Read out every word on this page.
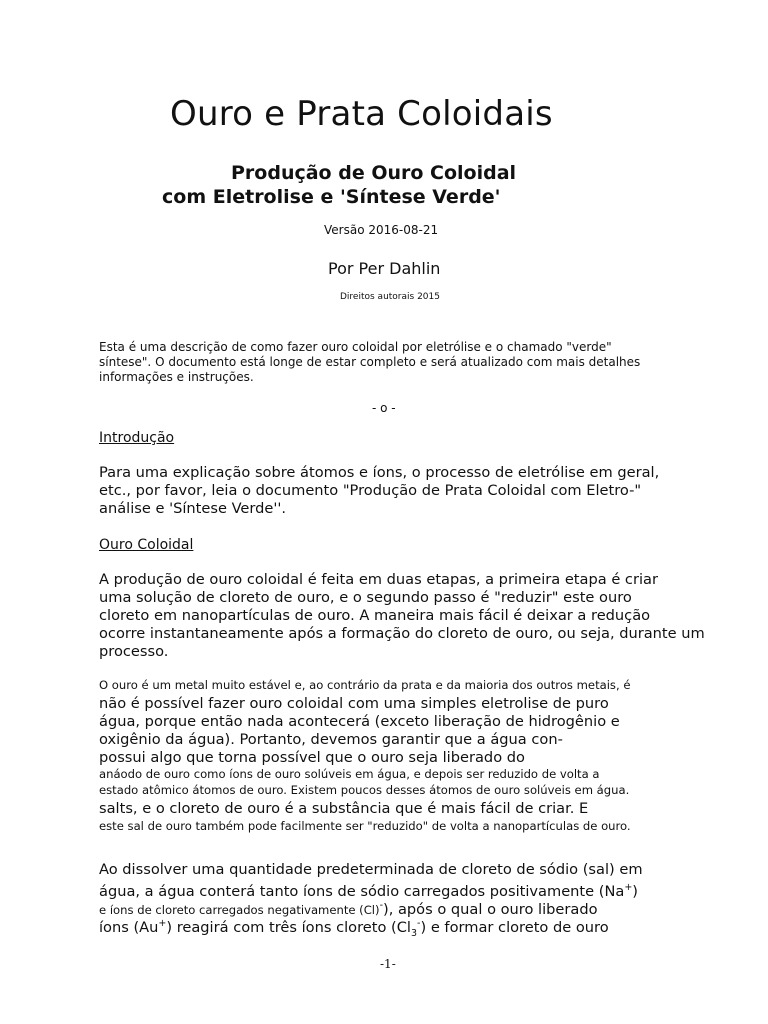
Ouro e Prata Coloidais
Produção de Ouro Coloidal
com Eletrolise e 'Síntese Verde'
Versão 2016-08-21
Por Per Dahlin
Direitos autorais 2015
Esta é uma descrição de como fazer ouro coloidal por eletrólise e o chamado "verde"
síntese". O documento está longe de estar completo e será atualizado com mais detalhes
informações e instruções.
- o -
Introdução
Para uma explicação sobre átomos e íons, o processo de eletrólise em geral,
etc., por favor, leia o documento "Produção de Prata Coloidal com Eletro-"
análise e 'Síntese Verde''.
Ouro Coloidal
A produção de ouro coloidal é feita em duas etapas, a primeira etapa é criar
uma solução de cloreto de ouro, e o segundo passo é "reduzir" este ouro
cloreto em nanopartículas de ouro. A maneira mais fácil é deixar a redução
ocorre instantaneamente após a formação do cloreto de ouro, ou seja, durante um
processo.
O ouro é um metal muito estável e, ao contrário da prata e da maioria dos outros metais, é
não é possível fazer ouro coloidal com uma simples eletrolise de puro
água, porque então nada acontecerá (exceto liberação de hidrogênio e
oxigênio da água). Portanto, devemos garantir que a água con-
possui algo que torna possível que o ouro seja liberado do
anáodo de ouro como íons de ouro solúveis em água, e depois ser reduzido de volta a
estado atômico átomos de ouro. Existem poucos desses átomos de ouro solúveis em água.
salts, e o cloreto de ouro é a substância que é mais fácil de criar. E
este sal de ouro também pode facilmente ser "reduzido" de volta a nanopartículas de ouro.
Ao dissolver uma quantidade predeterminada de cloreto de sódio (sal) em
água, a água conterá tanto íons de sódio carregados positivamente (Na+)
e íons de cloreto carregados negativamente (Cl)-), após o qual o ouro liberado
íons (Au+) reagirá com três íons cloreto $(Cl_3^-)$ e formar cloreto de ouro
-1-
